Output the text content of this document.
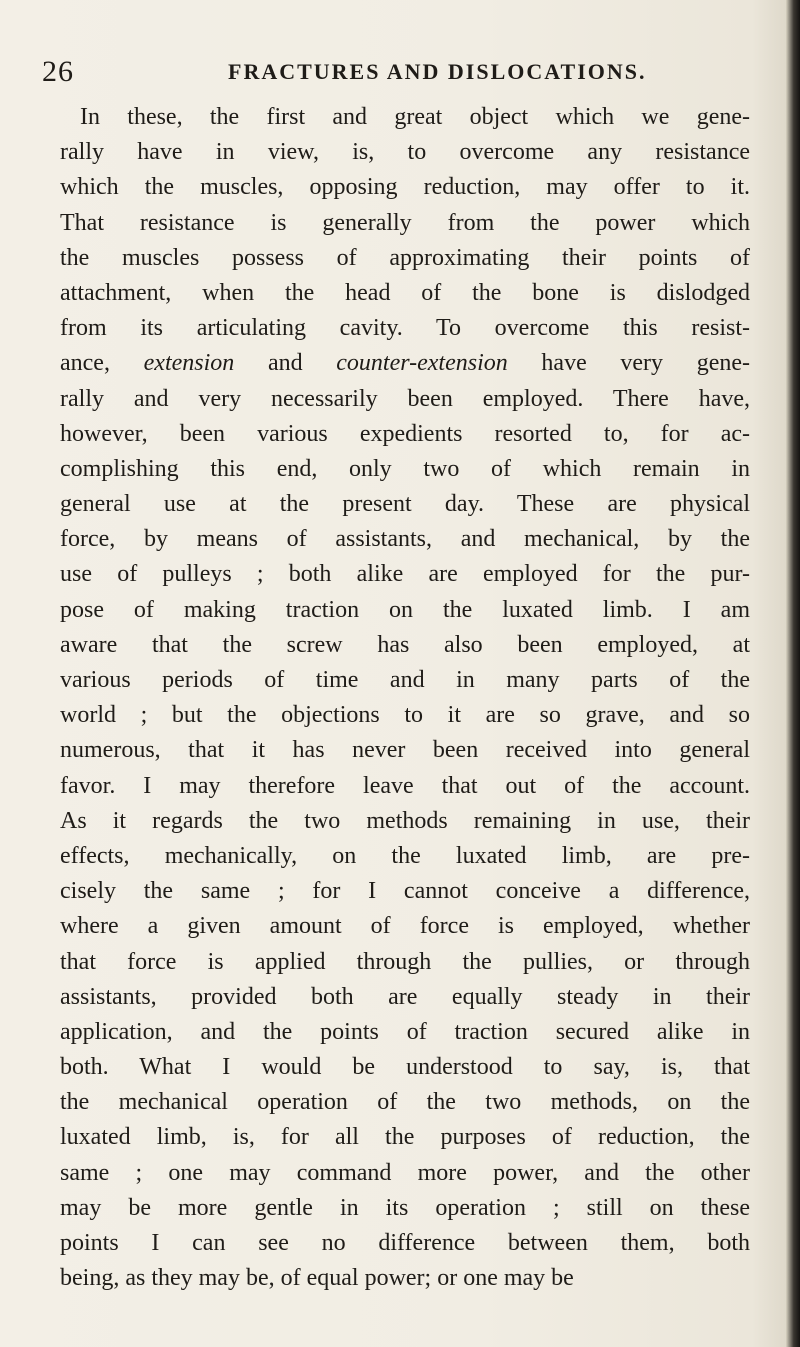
26	FRACTURES AND DISLOCATIONS.
In these, the first and great object which we gene-
rally have in view, is, to overcome any resistance
which the muscles, opposing reduction, may offer to it.
That resistance is generally from the power which
the muscles possess of approximating their points of
attachment, when the head of the bone is dislodged
from its articulating cavity. To overcome this resist-
ance, extension and counter-extension have very gene-
rally and very necessarily been employed. There have,
however, been various expedients resorted to, for ac-
complishing this end, only two of which remain in
general use at the present day. These are physical
force, by means of assistants, and mechanical, by the
use of pulleys ; both alike are employed for the pur-
pose of making traction on the luxated limb. I am
aware that the screw has also been employed, at
various periods of time and in many parts of the
world ; but the objections to it are so grave, and so
numerous, that it has never been received into general
favor. I may therefore leave that out of the account.
As it regards the two methods remaining in use, their
effects, mechanically, on the luxated limb, are pre-
cisely the same ; for I cannot conceive a difference,
where a given amount of force is employed, whether
that force is applied through the pullies, or through
assistants, provided both are equally steady in their
application, and the points of traction secured alike in
both. What I would be understood to say, is, that
the mechanical operation of the two methods, on the
luxated limb, is, for all the purposes of reduction, the
same ; one may command more power, and the other
may be more gentle in its operation ; still on these
points I can see no difference between them, both
being, as they may be, of equal power; or one may be
